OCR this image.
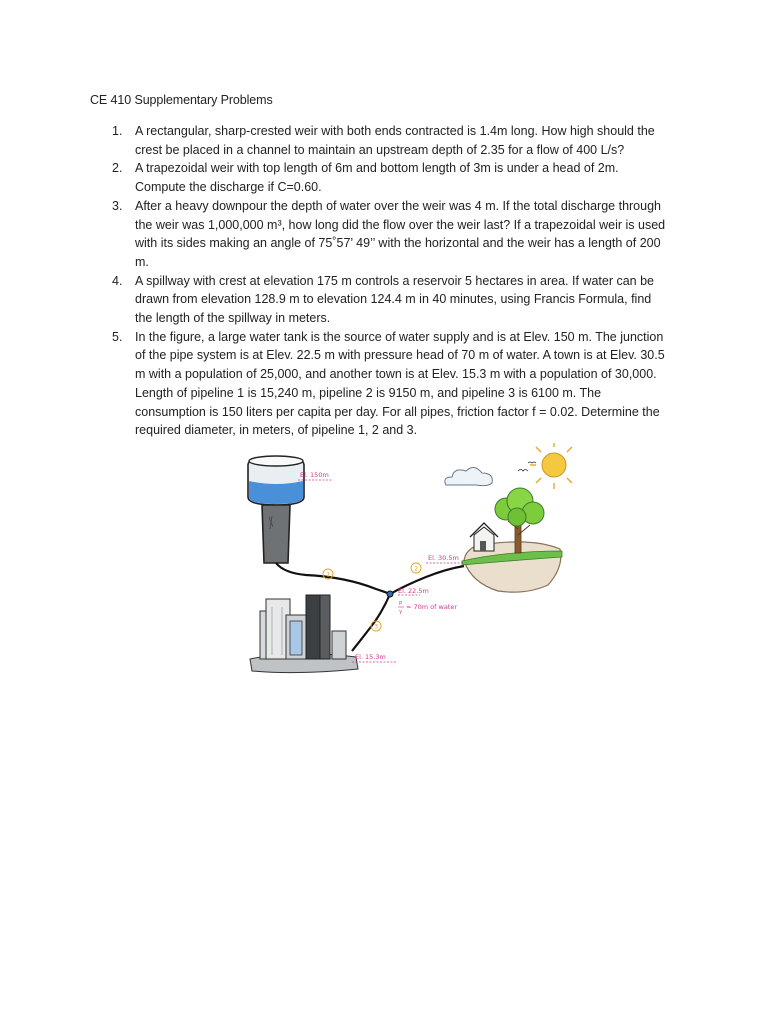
CE 410 Supplementary Problems
1. A rectangular, sharp-crested weir with both ends contracted is 1.4m long. How high should the
crest be placed in a channel to maintain an upstream depth of 2.35 for a flow of 400 L/s?
2. A trapezoidal weir with top length of 6m and bottom length of 3m is under a head of 2m.
Compute the discharge if C=0.60.
3. After a heavy downpour the depth of water over the weir was 4 m. If the total discharge through
the weir was 1,000,000 m³, how long did the flow over the weir last? If a trapezoidal weir is used
with its sides making an angle of 75˚57’ 49’’ with the horizontal and the weir has a length of 200
m.
4. A spillway with crest at elevation 175 m controls a reservoir 5 hectares in area. If water can be
drawn from elevation 128.9 m to elevation 124.4 m in 40 minutes, using Francis Formula, find
the length of the spillway in meters.
5. In the figure, a large water tank is the source of water supply and is at Elev. 150 m. The junction
of the pipe system is at Elev. 22.5 m with pressure head of 70 m of water. A town is at Elev. 30.5
m with a population of 25,000, and another town is at Elev. 15.3 m with a population of 30,000.
Length of pipeline 1 is 15,240 m, pipeline 2 is 9150 m, and pipeline 3 is 6100 m. The
consumption is 150 liters per capita per day. For all pipes, friction factor f = 0.02. Determine the
required diameter, in meters, of pipeline 1, 2 and 3.
El. 150m
1
2
3
El. 22.5m
P
γ
= 70m of water
El. 30.5m
El. 15.3m
